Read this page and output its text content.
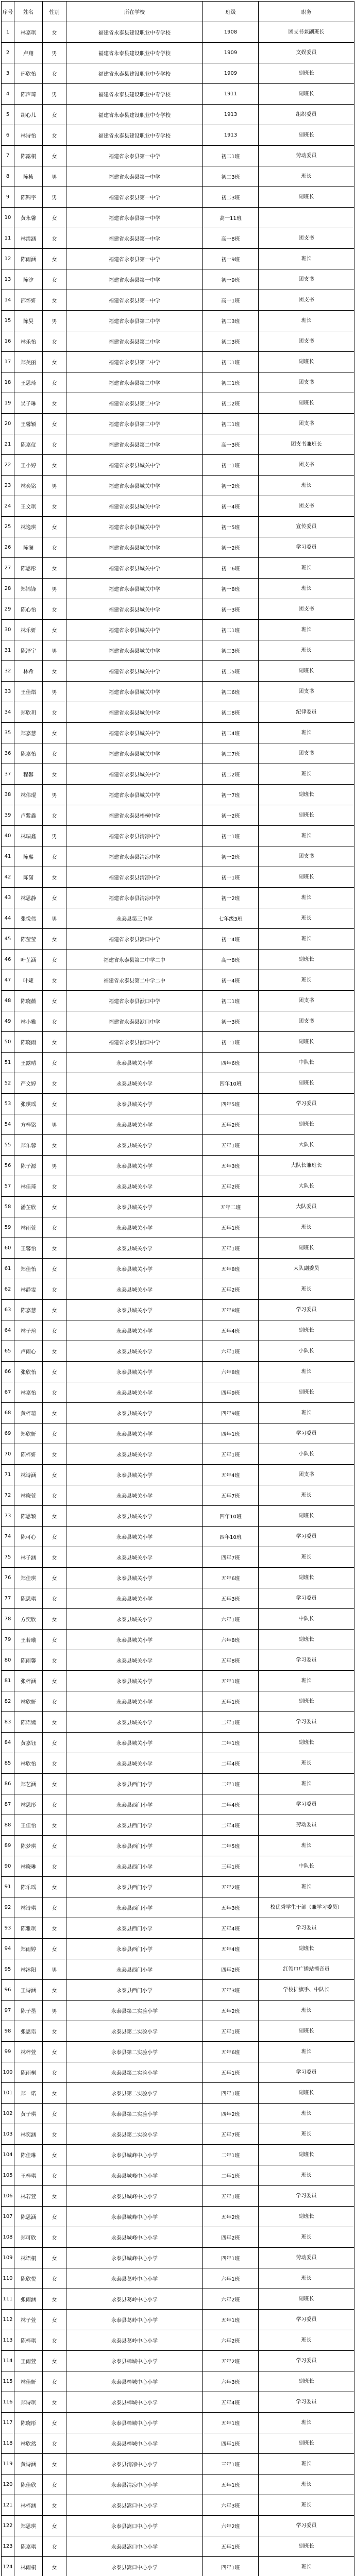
序号	姓名	性别	所在学校	班级	职务
1	林嘉琪	女	福建省永泰县建设职业中专学校	1908	团支书兼副班长
2	卢翔	男	福建省永泰县建设职业中专学校	1909	文娱委员
3	邢欣怡	女	福建省永泰县建设职业中专学校	1909	副班长
4	陈声琦	男	福建省永泰县建设职业中专学校	1911	副班长
5	胡心儿	女	福建省永泰县建设职业中专学校	1913	组织委员
6	林诗怡	女	福建省永泰县建设职业中专学校	1913	副班长
7	陈露桐	女	福建省永泰县第一中学	初二1班	劳动委员
8	陈桢	男	福建省永泰县第一中学	初二3班	班长
9	陈锦宇	男	福建省永泰县第一中学	初二3班	副班长
10	黄永馨	女	福建省永泰县第一中学	高一11班	
11	林霈涵	女	福建省永泰县第一中学	高一8班	团支书
12	陈雨涵	女	福建省永泰县第一中学	初一9班	班长
13	陈汐	女	福建省永泰县第一中学	初一9班	团支书
14	邵怀妍	女	福建省永泰县第一中学	高一1班	团支书
15	陈昊	男	福建省永泰县第二中学	初二3班	班长
16	林乐怡	女	福建省永泰县第二中学	初二3班	团支书
17	郑美丽	女	福建省永泰县第二中学	初二1班	副班长
18	王思琦	女	福建省永泰县第二中学	初二1班	团支书
19	吴子琳	女	福建省永泰县第二中学	初二2班	副班长
20	王馨颖	女	福建省永泰县第二中学	初二1班	团支书
21	陈嘉仪	女	福建省永泰县第二中学	高一3班	团支书兼班长
22	王小婷	女	福建省永泰县城关中学	初一1班	团支书
23	林奕铭	男	福建省永泰县城关中学	初一2班	班长
24	王文琪	女	福建省永泰县城关中学	初一4班	团支书
25	林逸琪	女	福建省永泰县城关中学	初一5班	宣传委员
26	陈澜	女	福建省永泰县城关中学	初一2班	学习委员
27	陈思彤	女	福建省永泰县城关中学	初一6班	班长
28	郑锦锋	男	福建省永泰县城关中学	初一8班	班长
29	陈心怡	女	福建省永泰县城关中学	初一3班	团支书
30	林乐妍	女	福建省永泰县城关中学	初二1班	班长
31	陈泽宇	男	福建省永泰县城关中学	初二3班	班长
32	林希	女	福建省永泰县城关中学	初二5班	副班长
33	王佳熠	男	福建省永泰县城关中学	初二6班	团支书
34	郑欣玥	女	福建省永泰县城关中学	初二8班	纪律委员
35	郑嘉慧	女	福建省永泰县城关中学	初二4班	班长
36	陈嘉怡	女	福建省永泰县城关中学	初二7班	团支书
37	程馨	女	福建省永泰县城关中学	初二2班	班长
38	林伟琨	男	福建省永泰县城关中学	初一7班	副班长
39	卢紫鑫	女	福建省永泰县梧桐中学	初一2班	副班长
40	林瑞鑫	男	福建省永泰县清凉中学	初一1班	班长
41	陈熙	女	福建省永泰县清凉中学	初一2班	团支书
42	陈潇	女	福建省永泰县清凉中学	初一1班	副班长
43	林思静	女	福建省永泰县清凉中学	初一2班	班长
44	张悦伟	男	永泰县第三中学	七年级3班	班长
45	陈莹莹	女	福建省永泰县嵩口中学	初一4班	班长
46	叶芷涵	女	福建省永泰县第二中学二中	高一8班	副班长
47	叶婕	女	福建省永泰县第二中学二中	初一4班	班长
48	陈晓薇	女	福建省永泰县洑口中学	初二1班	团支书
49	林小雅	女	福建省永泰县洑口中学	初一3班	团支书
50	陈晓雨	女	福建省永泰县洑口中学	初一1班	副班长
51	王露晴	女	永泰县城关小学	四年6班	中队长
52	严文婷	女	永泰县城关小学	四年10班	副班长
53	张琪瑶	女	永泰县城关小学	四年5班	学习委员
54	方梓铭	男	永泰县城关小学	五年2班	副班长
55	郑乐蓉	女	永泰县城关小学	五年1班	大队长
56	陈子源	男	永泰县城关小学	五年3班	大队长兼班长
57	林佳琦	女	永泰县城关小学	五年2班	大队长
58	潘芷欣	女	永泰县城关小学	五年二班	大队委员
59	林雨萱	女	永泰县城关小学	五年1班	班长
60	王馨怡	女	永泰县城关小学	五年1班	副班长
61	郑佳怡	女	永泰县城关小学	五年8班	大队副委员
62	林静雯	女	永泰县城关小学	五年2班	班长
63	陈嘉慧	女	永泰县城关小学	五年8班	学习委员
64	林子瑄	女	永泰县城关小学	五年4班	副班长
65	卢雨心	女	永泰县城关小学	六年1班	小队长
66	张欣怡	女	永泰县城关小学	六年8班	班长
67	林嘉怡	女	永泰县城关小学	四年9班	副班长
68	黄梓瑄	女	永泰县城关小学	四年9班	班长
69	郑欣妍	女	永泰县城关小学	四年1班	学习委员
70	陈梓妍	女	永泰县城关小学	五年1班	小队长
71	林诗涵	女	永泰县城关小学	五年4班	团支书
72	林晓萱	女	永泰县城关小学	五年7班	班长
73	陈思颖	女	永泰县城关小学	四年10班	副班长
74	陈可心	女	永泰县城关小学	四年10班	学习委员
75	林子涵	女	永泰县城关小学	四年7班	班长
76	郑佳琪	女	永泰县城关小学	五年6班	副班长
77	陈思琪	女	永泰县城关小学	五年3班	学习委员
78	方奕欣	女	永泰县城关小学	六年1班	中队长
79	王若曦	女	永泰县城关小学	六年8班	副班长
80	陈雨馨	女	永泰县城关小学	五年8班	学习委员
81	张梓涵	女	永泰县城关小学	五年1班	班长
82	林欣妍	女	永泰县城关小学	五年1班	副班长
83	陈语嫣	女	永泰县城关小学	二年1班	学习委员
84	黄嘉钰	女	永泰县城关小学	二年1班	副班长
85	林欣怡	女	永泰县城关小学	二年4班	班长
86	郑艺涵	女	永泰县西门小学	二年1班	班长
87	林思彤	女	永泰县西门小学	二年4班	学习委员
88	王佳怡	女	永泰县西门小学	二年4班	劳动委员
89	陈梦琪	女	永泰县西门小学	二年5班	班长
90	林晓琳	女	永泰县西门小学	三年1班	中队长
91	陈乐瑶	女	永泰县西门小学	五年2班	班长
92	林诗琪	女	永泰县西门小学	五年3班	校优秀学生干部（兼学习委员）
93	陈雅琪	女	永泰县西门小学	五年4班	学习委员
94	郑雨婷	女	永泰县西门小学	五年4班	副班长
95	林沐阳	男	永泰县西门小学	四年2班	红领巾广播站播音员
96	王诗涵	女	永泰县西门小学	五年3班	学校护旗手、中队长
97	陈子墨	男	永泰县第二实验小学	五年2班	班长
98	张思语	女	永泰县第二实验小学	五年1班	副班长
99	林梓萱	女	永泰县第二实验小学	五年6班	班长
100	陈雨桐	女	永泰县第二实验小学	五年1班	学习委员
101	郑一诺	女	永泰县第二实验小学	四年1班	副班长
102	黄子琪	女	永泰县第二实验小学	四年2班	班长
103	林奕涵	女	永泰县第二实验小学	五年7班	班长
104	陈佳琳	女	永泰县城峰中心小学	二年1班	副班长
105	王梓琪	女	永泰县城峰中心小学	二年1班	班长
106	林若萱	女	永泰县城峰中心小学	五年1班	学习委员
107	陈思涵	女	永泰县城峰中心小学	五年2班	副班长
108	郑可欣	女	永泰县城峰中心小学	四年2班	班长
109	林语桐	女	永泰县城峰中心小学	四年1班	劳动委员
110	陈欣悦	女	永泰县葛岭中心小学	六年1班	班长
111	张雨涵	女	永泰县葛岭中心小学	六年2班	副班长
112	林子萱	女	永泰县葛岭中心小学	五年1班	学习委员
113	陈梓琪	女	永泰县葛岭中心小学	六年2班	班长
114	王雨萱	女	永泰县樟城中心小学	五年2班	学习委员
115	林佳妍	女	永泰县樟城中心小学	六年3班	副班长
116	郑诗琪	女	永泰县樟城中心小学	五年4班	学习委员
117	陈晓彤	女	永泰县樟城中心小学	五年1班	班长
118	林欣然	女	永泰县樟城中心小学	四年1班	副班长
119	黄诗涵	女	永泰县清凉中心小学	三年1班	班长
120	陈佳欣	女	永泰县清凉中心小学	五年1班	班长
121	林梓涵	女	永泰县嵩口中心小学	六年3班	班长
122	郑思琪	女	永泰县嵩口中心小学	六年2班	学习委员
123	陈嘉琪	女	永泰县嵩口中心小学	五年1班	副班长
124	林雨桐	女	永泰县嵩口中心小学	四年1班	班长
